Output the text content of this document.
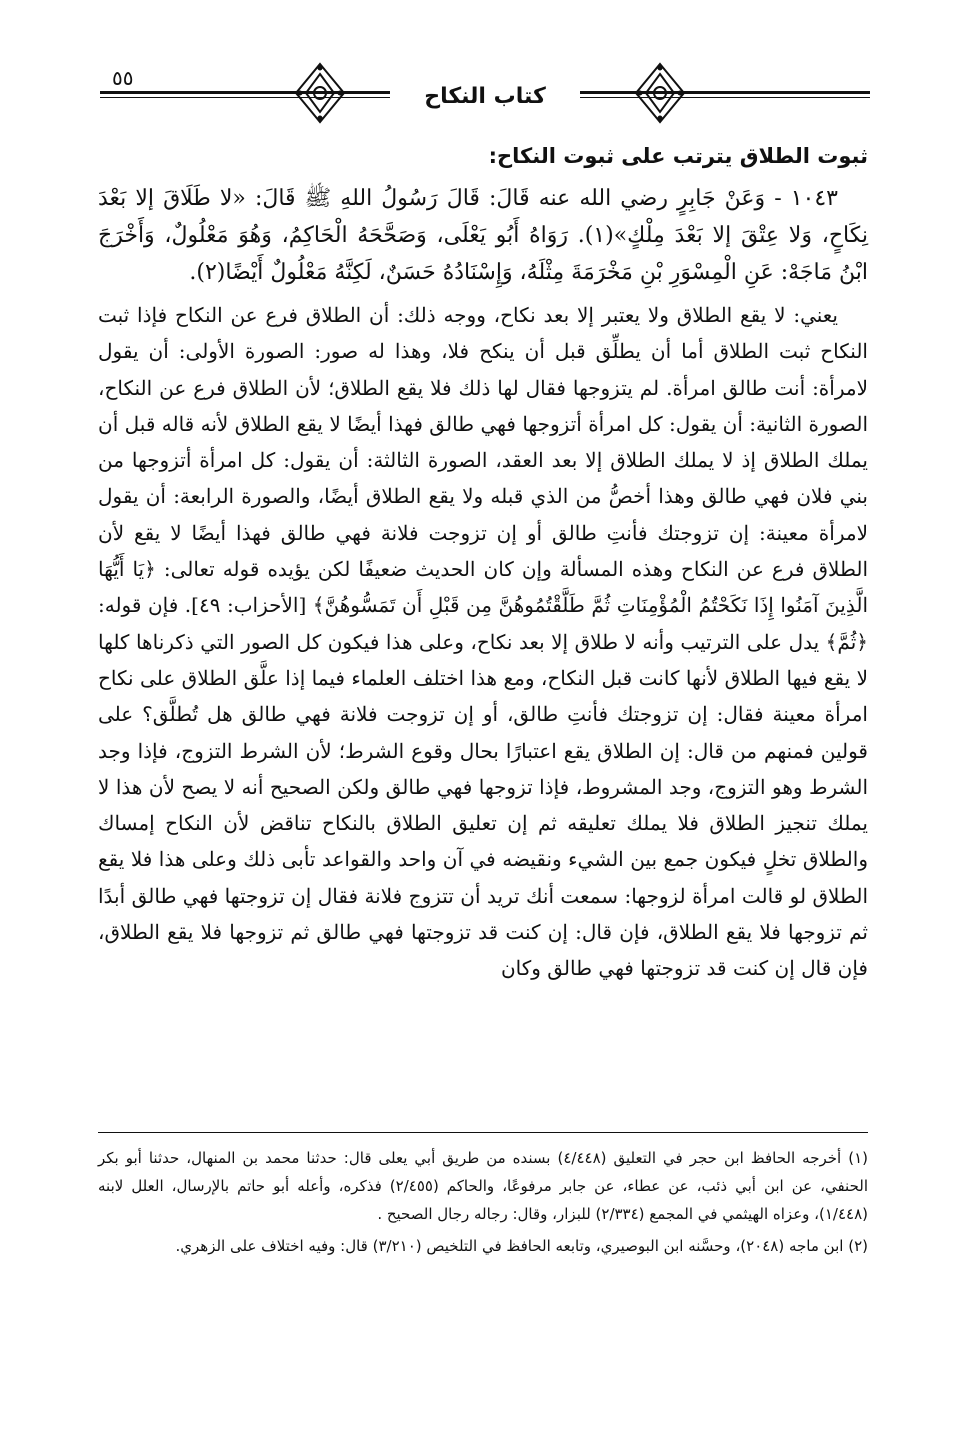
٥٥
كتاب النكاح

ثبوت الطلاق يترتب على ثبوت النكاح:

١٠٤٣ - وَعَنْ جَابِرٍ رضي الله عنه قَالَ: قَالَ رَسُولُ اللهِ ﷺ قَالَ: «لا طَلَاقَ إلا بَعْدَ نِكَاحٍ، وَلا عِتْقَ إلا بَعْدَ مِلْكٍ»(١). رَوَاهُ أَبُو يَعْلَى، وَصَحَّحَهُ الْحَاكِمُ، وَهُوَ مَعْلُولٌ، وَأَخْرَجَ ابْنُ مَاجَهْ: عَنِ الْمِسْوَرِ بْنِ مَخْرَمَةَ مِثْلَهُ، وَإِسْنَادُهُ حَسَنٌ، لَكِنَّهُ مَعْلُولٌ أَيْضًا(٢).

يعني: لا يقع الطلاق ولا يعتبر إلا بعد نكاح، ووجه ذلك: أن الطلاق فرع عن النكاح فإذا ثبت النكاح ثبت الطلاق أما أن يطلِّق قبل أن ينكح فلا، وهذا له صور: الصورة الأولى: أن يقول لامرأة: أنت طالق امرأة. لم يتزوجها فقال لها ذلك فلا يقع الطلاق؛ لأن الطلاق فرع عن النكاح، الصورة الثانية: أن يقول: كل امرأة أتزوجها فهي طالق فهذا أيضًا لا يقع الطلاق لأنه قاله قبل أن يملك الطلاق إذ لا يملك الطلاق إلا بعد العقد، الصورة الثالثة: أن يقول: كل امرأة أتزوجها من بني فلان فهي طالق وهذا أخصُّ من الذي قبله ولا يقع الطلاق أيضًا، والصورة الرابعة: أن يقول لامرأة معينة: إن تزوجتك فأنتِ طالق أو إن تزوجت فلانة فهي طالق فهذا أيضًا لا يقع لأن الطلاق فرع عن النكاح وهذه المسألة وإن كان الحديث ضعيفًا لكن يؤيده قوله تعالى: ﴿يَا أَيُّهَا الَّذِينَ آمَنُوا إِذَا نَكَحْتُمُ الْمُؤْمِنَاتِ ثُمَّ طَلَّقْتُمُوهُنَّ مِن قَبْلِ أَن تَمَسُّوهُنَّ﴾ [الأحزاب: ٤٩]. فإن قوله: ﴿ثُمَّ﴾ يدل على الترتيب وأنه لا طلاق إلا بعد نكاح، وعلى هذا فيكون كل الصور التي ذكرناها كلها لا يقع فيها الطلاق لأنها كانت قبل النكاح، ومع هذا اختلف العلماء فيما إذا علَّق الطلاق على نكاح امرأة معينة فقال: إن تزوجتك فأنتِ طالق، أو إن تزوجت فلانة فهي طالق هل تُطلَّق؟ على قولين فمنهم من قال: إن الطلاق يقع اعتبارًا بحال وقوع الشرط؛ لأن الشرط التزوج، فإذا وجد الشرط وهو التزوج، وجد المشروط، فإذا تزوجها فهي طالق ولكن الصحيح أنه لا يصح لأن هذا لا يملك تنجيز الطلاق فلا يملك تعليقه ثم إن تعليق الطلاق بالنكاح تناقض لأن النكاح إمساك والطلاق تخلٍ فيكون جمع بين الشيء ونقيضه في آن واحد والقواعد تأبى ذلك وعلى هذا فلا يقع الطلاق لو قالت امرأة لزوجها: سمعت أنك تريد أن تتزوج فلانة فقال إن تزوجتها فهي طالق أبدًا ثم تزوجها فلا يقع الطلاق، فإن قال: إن كنت قد تزوجتها فهي طالق ثم تزوجها فلا يقع الطلاق، فإن قال إن كنت قد تزوجتها فهي طالق وكان

(١) أخرجه الحافظ ابن حجر في التعليق (٤/٤٤٨) بسنده من طريق أبي يعلى قال: حدثنا محمد بن المنهال، حدثنا أبو بكر الحنفي، عن ابن أبي ذئب، عن عطاء، عن جابر مرفوعًا، والحاكم (٢/٤٥٥) فذكره، وأعله أبو حاتم بالإرسال، العلل لابنه (١/٤٤٨)، وعزاه الهيثمي في المجمع (٢/٣٣٤) للبزار، وقال: رجاله رجال الصحيح .

(٢) ابن ماجه (٢٠٤٨)، وحسَّنه ابن البوصيري، وتابعه الحافظ في التلخيص (٣/٢١٠) قال: وفيه اختلاف على الزهري.
